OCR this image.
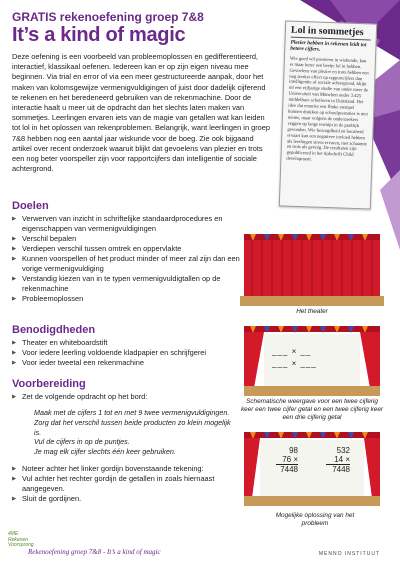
GRATIS rekenoefening groep 7&8
It’s a kind of magic

Deze oefening is een voorbeeld van probleemoplossen en gedifferentieerd, interactief, klassikaal oefenen. Iedereen kan er op zijn eigen niveau mee beginnen. Via trial en error of via een meer gestructureerde aanpak, door het maken van kolomsgewijze vermenigvuldigingen of juist door dadelijk cijferend te rekenen en het beredeneerd gebruiken van de rekenmachine. Door de interactie haalt u meer uit de opdracht dan het slechts laten maken van sommetjes. Leerlingen ervaren iets van de magie van getallen wat kan leiden tot lol in het oplossen van rekenproblemen. Belangrijk, want leerlingen in groep 7&8 hebben nog een aantal jaar wiskunde voor de boeg. Zie ook bijgaand artikel over recent onderzoek waaruit blijkt dat gevoelens van plezier en trots een nog beter voorspeller zijn voor rapportcijfers dan intelligentie of sociale achtergrond.

Lol in sommetjes
Plezier hebben in rekenen leidt tot betere cijfers.
Wie goed wil presteren in wiskunde, kan er maar beter een beetje lol in hebben. Gevoelens van plezier en trots hebben een nog sterker effect op rapportcijfers dan intelligentie of sociale achtergrond, blijkt uit een vijfjarige studie van onder meer de Universiteit van München onder 3.425 middelbare scholieren in Duitsland. Het idee dat emoties een flinke stempel kunnen drukken op schoolprestaties is niet nieuw, maar volgens de onderzoekers zeggen op lange termijn in de praktijk gevonden. Wie bezorgdheid en boosheid ervaart kan een negatieve invloed hebben als leerlingen stress ervaren, met schaamte en trots als gevolg. De resultaten zijn gepubliceerd in het tijdschrift Child development.
Doelen
▶ Verwerven van inzicht in schriftelijke standaardprocedures en eigenschappen van vermenigvuldigingen
▶ Verschil bepalen
▶ Verdiepen verschil tussen omtrek en oppervlakte
▶ Kunnen voorspellen of het product minder of meer zal zijn dan een vorige vermenigvuldiging
▶ Verstandig kiezen van in te typen vermenigvuldigtallen op de rekenmachine
▶ Probleemoplossen
Benodigdheden
▶ Theater en whiteboardstift
▶ Voor iedere leerling voldoende kladpapier en schrijfgerei
▶ Voor ieder tweetal een rekenmachine
Voorbereiding
▶ Zet de volgende opdracht op het bord:
Maak met de cijfers 1 tot en met 9 twee vermenigvuldigingen.
Zorg dat het verschil tussen beide producten zo klein mogelijk is.
Vul de cijfers in op de puntjes.
Je mag elk cijfer slechts één keer gebruiken.
▶ Noteer achter het linker gordijn bovenstaande tekening:
▶ Vul achter het rechter gordijn de getallen in zoals hiernaast aangegeven.
▶ Sluit de gordijnen.
Het theater
___ × __
___ × ___
Schematische weergave voor een twee cijferig keer een twee cijfer getal en een twee cijferig keer een drie cijferig getal
98
76 ×
7448
532
14 ×
7448
Mogelijke oplossing van het probleem
4ME Rekenen Voorsprong
Rekenoefening groep 7&8 - It’s a kind of magic	MENNO INSTITUUT
